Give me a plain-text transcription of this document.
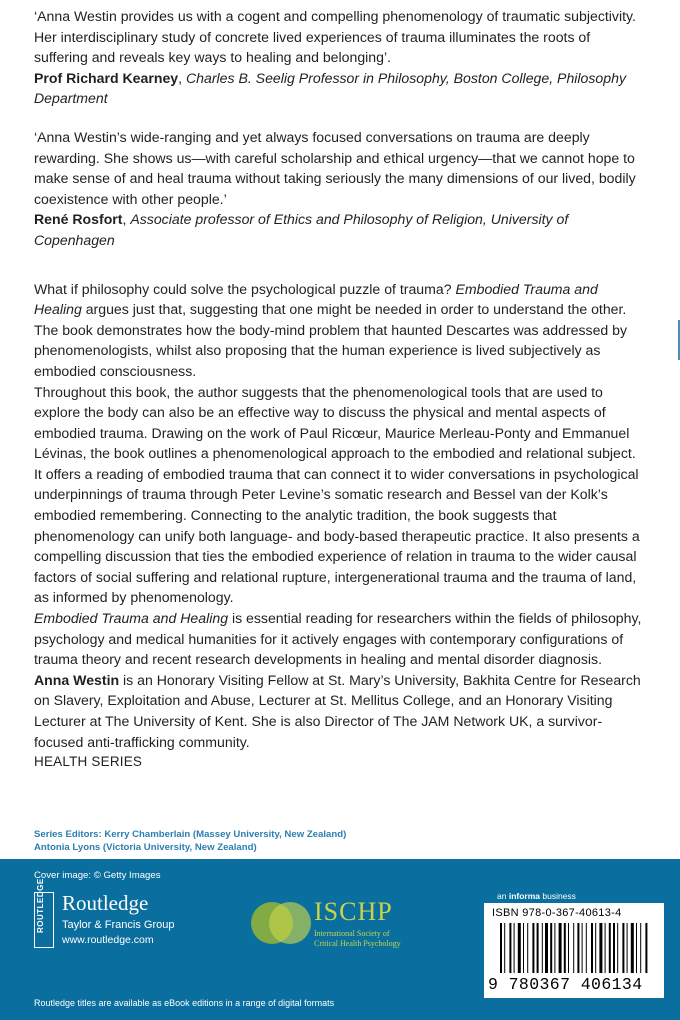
‘Anna Westin provides us with a cogent and compelling phenomenology of traumatic subjectivity. Her interdisciplinary study of concrete lived experiences of trauma illuminates the roots of suffering and reveals key ways to healing and belonging’.

Prof Richard Kearney, Charles B. Seelig Professor in Philosophy, Boston College, Philosophy Department

‘Anna Westin’s wide-ranging and yet always focused conversations on trauma are deeply rewarding. She shows us—with careful scholarship and ethical urgency—that we cannot hope to make sense of and heal trauma without taking seriously the many dimensions of our lived, bodily coexistence with other people.’

René Rosfort, Associate professor of Ethics and Philosophy of Religion, University of Copenhagen

What if philosophy could solve the psychological puzzle of trauma? Embodied Trauma and Healing argues just that, suggesting that one might be needed in order to understand the other. The book demonstrates how the body-mind problem that haunted Descartes was addressed by phenomenologists, whilst also proposing that the human experience is lived subjectively as embodied consciousness.

Throughout this book, the author suggests that the phenomenological tools that are used to explore the body can also be an effective way to discuss the physical and mental aspects of embodied trauma. Drawing on the work of Paul Ricœur, Maurice Merleau-Ponty and Emmanuel Lévinas, the book outlines a phenomenological approach to the embodied and relational subject. It offers a reading of embodied trauma that can connect it to wider conversations in psychological underpinnings of trauma through Peter Levine’s somatic research and Bessel van der Kolk’s embodied remembering. Connecting to the analytic tradition, the book suggests that phenomenology can unify both language- and body-based therapeutic practice. It also presents a compelling discussion that ties the embodied experience of relation in trauma to the wider causal factors of social suffering and relational rupture, intergenerational trauma and the trauma of land, as informed by phenomenology.

Embodied Trauma and Healing is essential reading for researchers within the fields of philosophy, psychology and medical humanities for it actively engages with contemporary configurations of trauma theory and recent research developments in healing and mental disorder diagnosis.

Anna Westin is an Honorary Visiting Fellow at St. Mary’s University, Bakhita Centre for Research on Slavery, Exploitation and Abuse, Lecturer at St. Mellitus College, and an Honorary Visiting Lecturer at The University of Kent. She is also Director of The JAM Network UK, a survivor-focused anti-trafficking community.

HEALTH SERIES

Series Editors: Kerry Chamberlain (Massey University, New Zealand)
Antonia Lyons (Victoria University, New Zealand)
Cover image: © Getty Images
ROUTLEDGE Routledge
Taylor & Francis Group
www.routledge.com
ISCHP
International Society of
Critical Health Psychology
an informa business
ISBN 978-0-367-40613-4
9 780367 406134
Routledge titles are available as eBook editions in a range of digital formats
